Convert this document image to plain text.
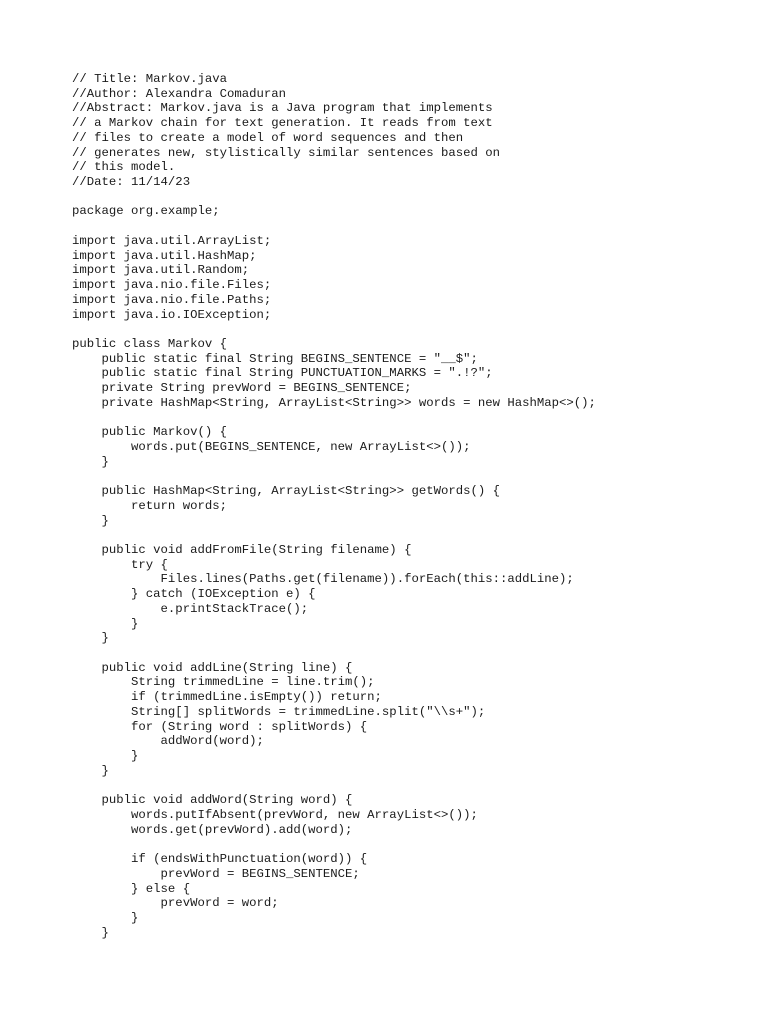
// Title: Markov.java
//Author: Alexandra Comaduran
//Abstract: Markov.java is a Java program that implements
// a Markov chain for text generation. It reads from text
// files to create a model of word sequences and then
// generates new, stylistically similar sentences based on
// this model.
//Date: 11/14/23
package org.example;
import java.util.ArrayList;
import java.util.HashMap;
import java.util.Random;
import java.nio.file.Files;
import java.nio.file.Paths;
import java.io.IOException;
public class Markov {
public static final String BEGINS_SENTENCE = "__$";
public static final String PUNCTUATION_MARKS = ".!?";
private String prevWord = BEGINS_SENTENCE;
private HashMap<String, ArrayList<String>> words = new HashMap<>();
public Markov() {
words.put(BEGINS_SENTENCE, new ArrayList<>());
}
public HashMap<String, ArrayList<String>> getWords() {
return words;
}
public void addFromFile(String filename) {
try {
Files.lines(Paths.get(filename)).forEach(this::addLine);
} catch (IOException e) {
e.printStackTrace();
}
}
public void addLine(String line) {
String trimmedLine = line.trim();
if (trimmedLine.isEmpty()) return;
String[] splitWords = trimmedLine.split("\\s+");
for (String word : splitWords) {
addWord(word);
}
}
public void addWord(String word) {
words.putIfAbsent(prevWord, new ArrayList<>());
words.get(prevWord).add(word);
if (endsWithPunctuation(word)) {
prevWord = BEGINS_SENTENCE;
} else {
prevWord = word;
}
}
